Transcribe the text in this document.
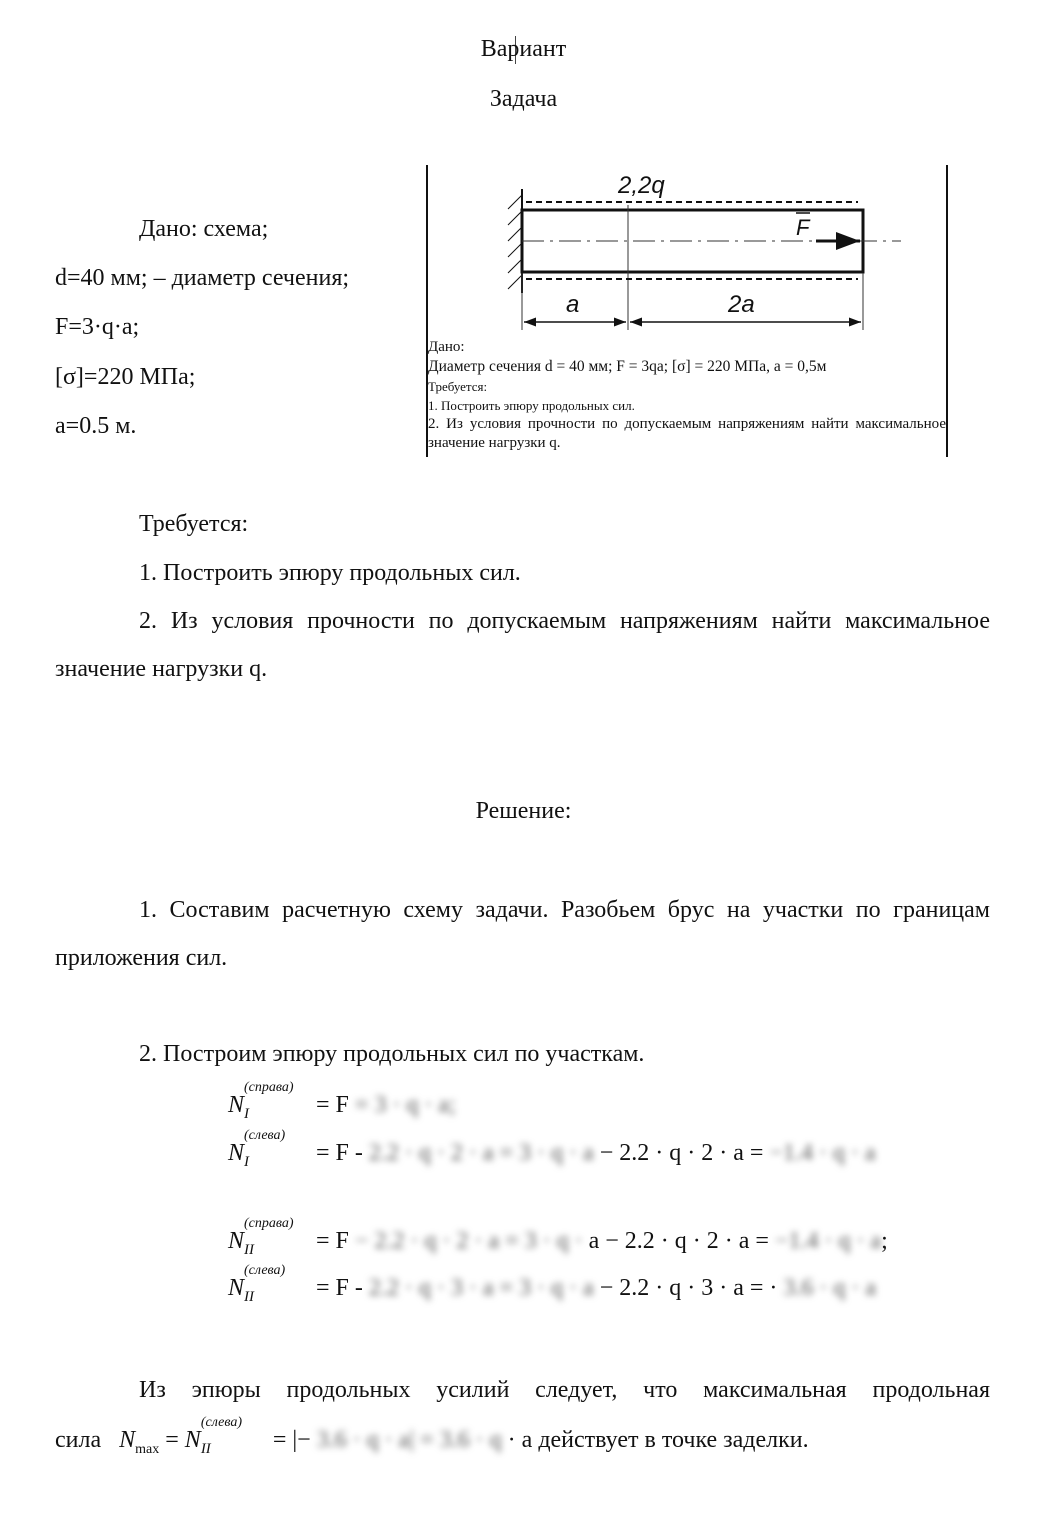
Вариант
Задача
Дано: схема;
d=40 мм; – диаметр сечения;
F=3·q·a;
[σ]=220 МПа;
a=0.5 м.
2,2q
F
a	2a
Дано:
Диаметр сечения d = 40 мм; F = 3qa; [σ] = 220 МПа, a = 0,5м
Требуется:
1. Построить эпюру продольных сил.
2. Из условия прочности по допускаемым напряжениям найти максимальное значение нагрузки q.
Требуется:
1. Построить эпюру продольных сил.
2. Из условия прочности по допускаемым напряжениям найти максимальное значение нагрузки q.
Решение:
1. Составим расчетную схему задачи. Разобьем брус на участки по границам приложения сил.
2. Построим эпюру продольных сил по участкам.
N
(справа)
I	= F = 3 · q · a;
N
(слева)
I	= F - 2.2 · q · 2 · a = 3 · q · a − 2.2 · q · 2 · a = −1.4 · q · a
N
(справа)
II	= F − 2.2 · q · 2 · a = 3 · q · a − 2.2 · q · 2 · a = −1.4 · q · a;
N
(слева)
II	= F - 2.2 · q · 3 · a = 3 · q · a − 2.2 · q · 3 · a = · 3.6 · q · a
Из эпюры продольных усилий следует, что максимальная продольная
сила $N_{max} = N$
(слева)
II	= |− 3.6 · q · a| = 3.6 · q · a действует в точке заделки.
